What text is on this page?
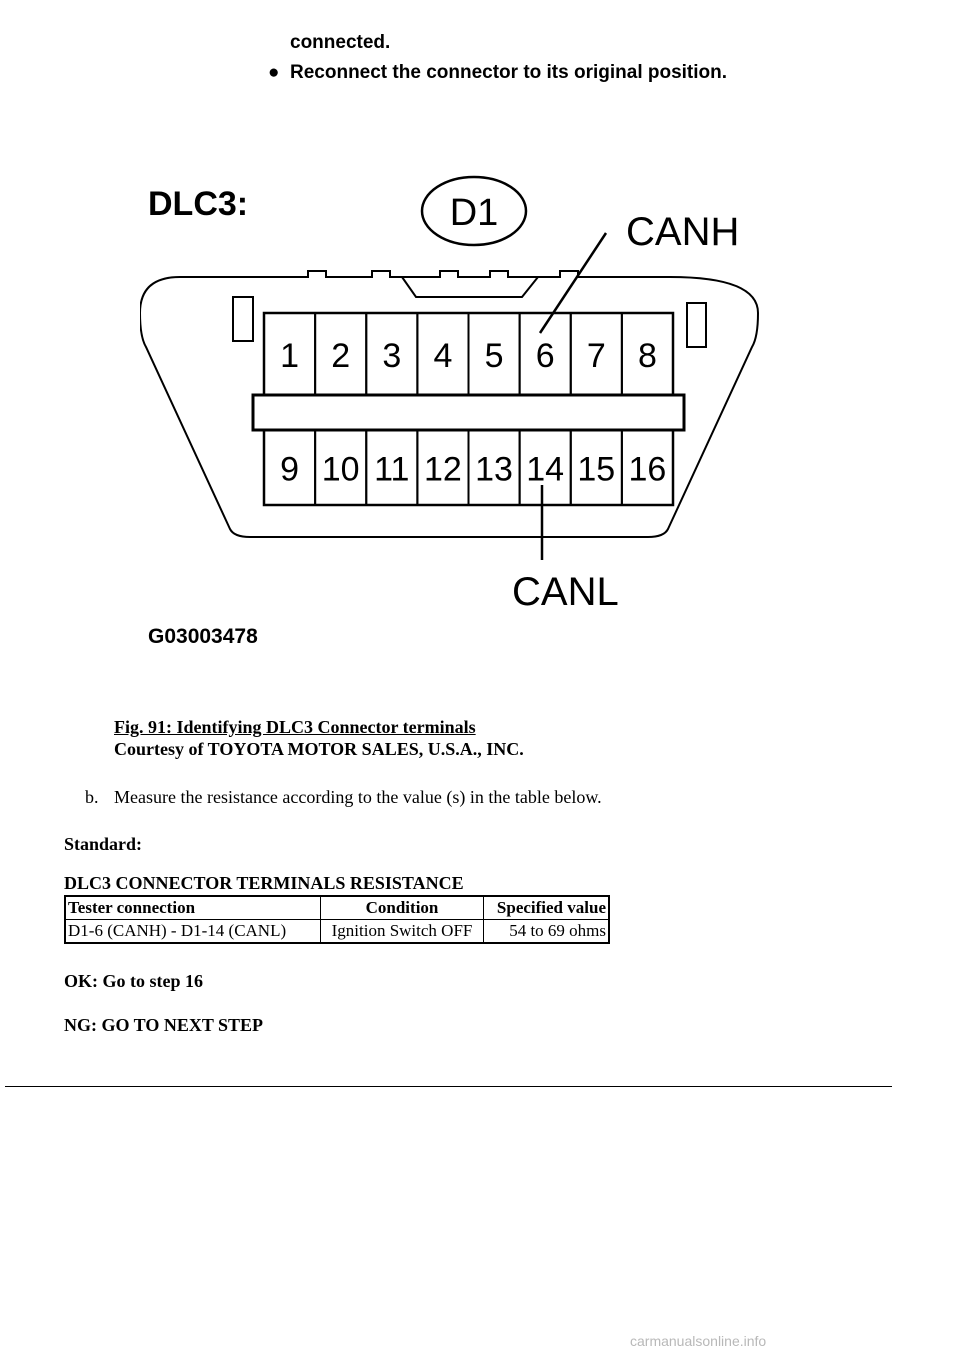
connected.
● Reconnect the connector to its original position.
DLC3:	D1	CANH
CANL
1 2 3 4 5 6 7 8
9 10 11 12 13 14 15 16
G03003478
Fig. 91: Identifying DLC3 Connector terminals
Courtesy of TOYOTA MOTOR SALES, U.S.A., INC.
b. Measure the resistance according to the value (s) in the table below.
Standard:
DLC3 CONNECTOR TERMINALS RESISTANCE
Tester connection	Condition	Specified value
D1-6 (CANH) - D1-14 (CANL)	Ignition Switch OFF	54 to 69 ohms
OK: Go to step 16
NG: GO TO NEXT STEP
carmanualsonline.info
